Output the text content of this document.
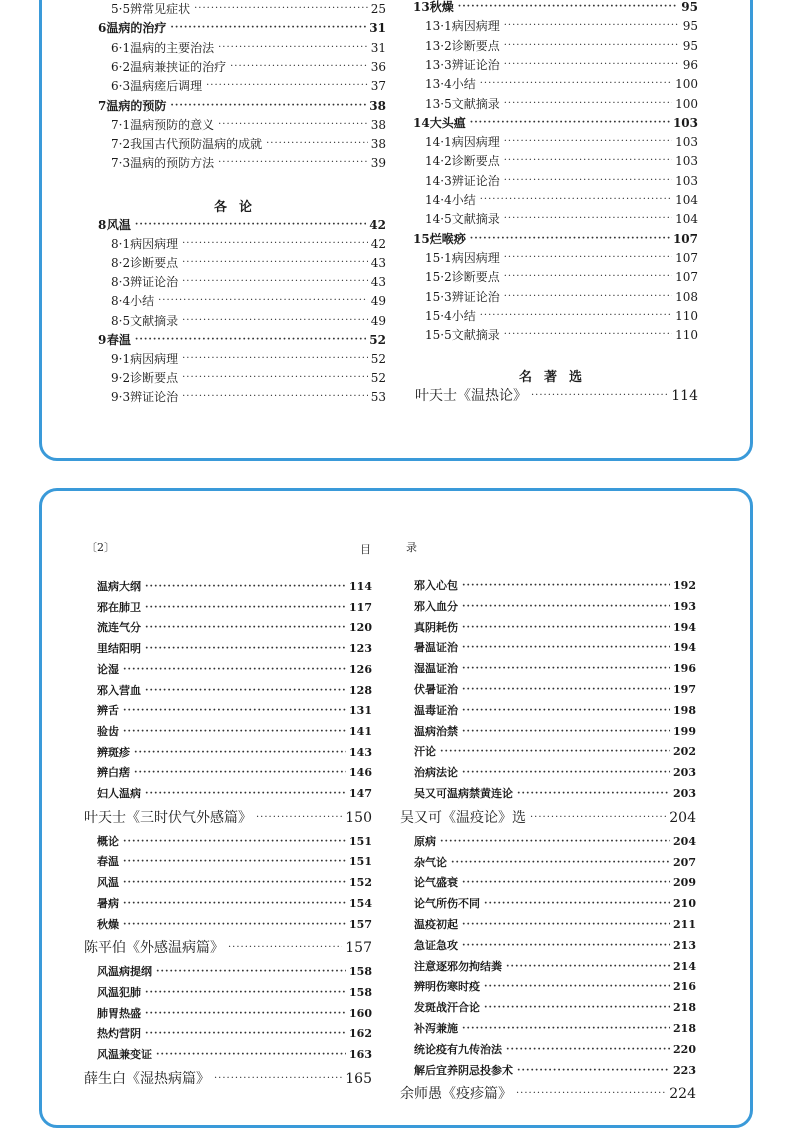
5·5 辨常见症状 ·····	25
6 温病的治疗 ·····	31
6·1 温病的主要治法 ·····	31
6·2 温病兼挟证的治疗 ·····	36
6·3 温病瘥后调理 ·····	37
7 温病的预防 ·····	38
7·1 温病预防的意义 ·····	38
7·2 我国古代预防温病的成就 ·····	38
7·3 温病的预防方法 ·····	39
各论
8 风温 ·····	42
8·1 病因病理 ·····	42
8·2 诊断要点 ·····	43
8·3 辨证论治 ·····	43
8·4 小结 ·····	49
8·5 文献摘录 ·····	49
9 春温 ·····	52
9·1 病因病理 ·····	52
9·2 诊断要点 ·····	52
9·3 辨证论治 ·····	53
13 秋燥 ·····	95
13·1 病因病理 ·····	95
13·2 诊断要点 ·····	95
13·3 辨证论治 ·····	96
13·4 小结 ·····	100
13·5 文献摘录 ·····	100
14 大头瘟 ·····	103
14·1 病因病理 ·····	103
14·2 诊断要点 ·····	103
14·3 辨证论治 ·····	103
14·4 小结 ·····	104
14·5 文献摘录 ·····	104
15 烂喉痧 ·····	107
15·1 病因病理 ·····	107
15·2 诊断要点 ·····	107
15·3 辨证论治 ·····	108
15·4 小结 ·····	110
15·5 文献摘录 ·····	110
名著选
叶天士《温热论》 ·····	114
〔2〕	目	录
温病大纲 ·····	114
邪在肺卫 ·····	117
流连气分 ·····	120
里结阳明 ·····	123
论湿 ·····	126
邪入营血 ·····	128
辨舌 ·····	131
验齿 ·····	141
辨斑疹 ·····	143
辨白瘔 ·····	146
妇人温病 ·····	147
叶天士《三时伏气外感篇》 ·····	150
概论 ·····	151
春温 ·····	151
风温 ·····	152
暑病 ·····	154
秋燥 ·····	157
陈平伯《外感温病篇》 ·····	157
风温病提纲 ·····	158
风温犯肺 ·····	158
肺胃热盛 ·····	160
热灼营阴 ·····	162
风温兼变证 ·····	163
薛生白《湿热病篇》 ·····	165
邪入心包 ·····	192
邪入血分 ·····	193
真阴耗伤 ·····	194
暑温证治 ·····	194
湿温证治 ·····	196
伏暑证治 ·····	197
温毒证治 ·····	198
温病治禁 ·····	199
汗论 ·····	202
治病法论 ·····	203
吴又可温病禁黄连论 ·····	203
吴又可《温疫论》选 ·····	204
原病 ·····	204
杂气论 ·····	207
论气盛衰 ·····	209
论气所伤不同 ·····	210
温疫初起 ·····	211
急证急攻 ·····	213
注意逐邪勿拘结粪 ·····	214
辨明伤寒时疫 ·····	216
发斑战汗合论 ·····	218
补泻兼施 ·····	218
统论疫有九传治法 ·····	220
解后宜养阴忌投参术 ·····	223
余师愚《疫疹篇》 ·····	224
